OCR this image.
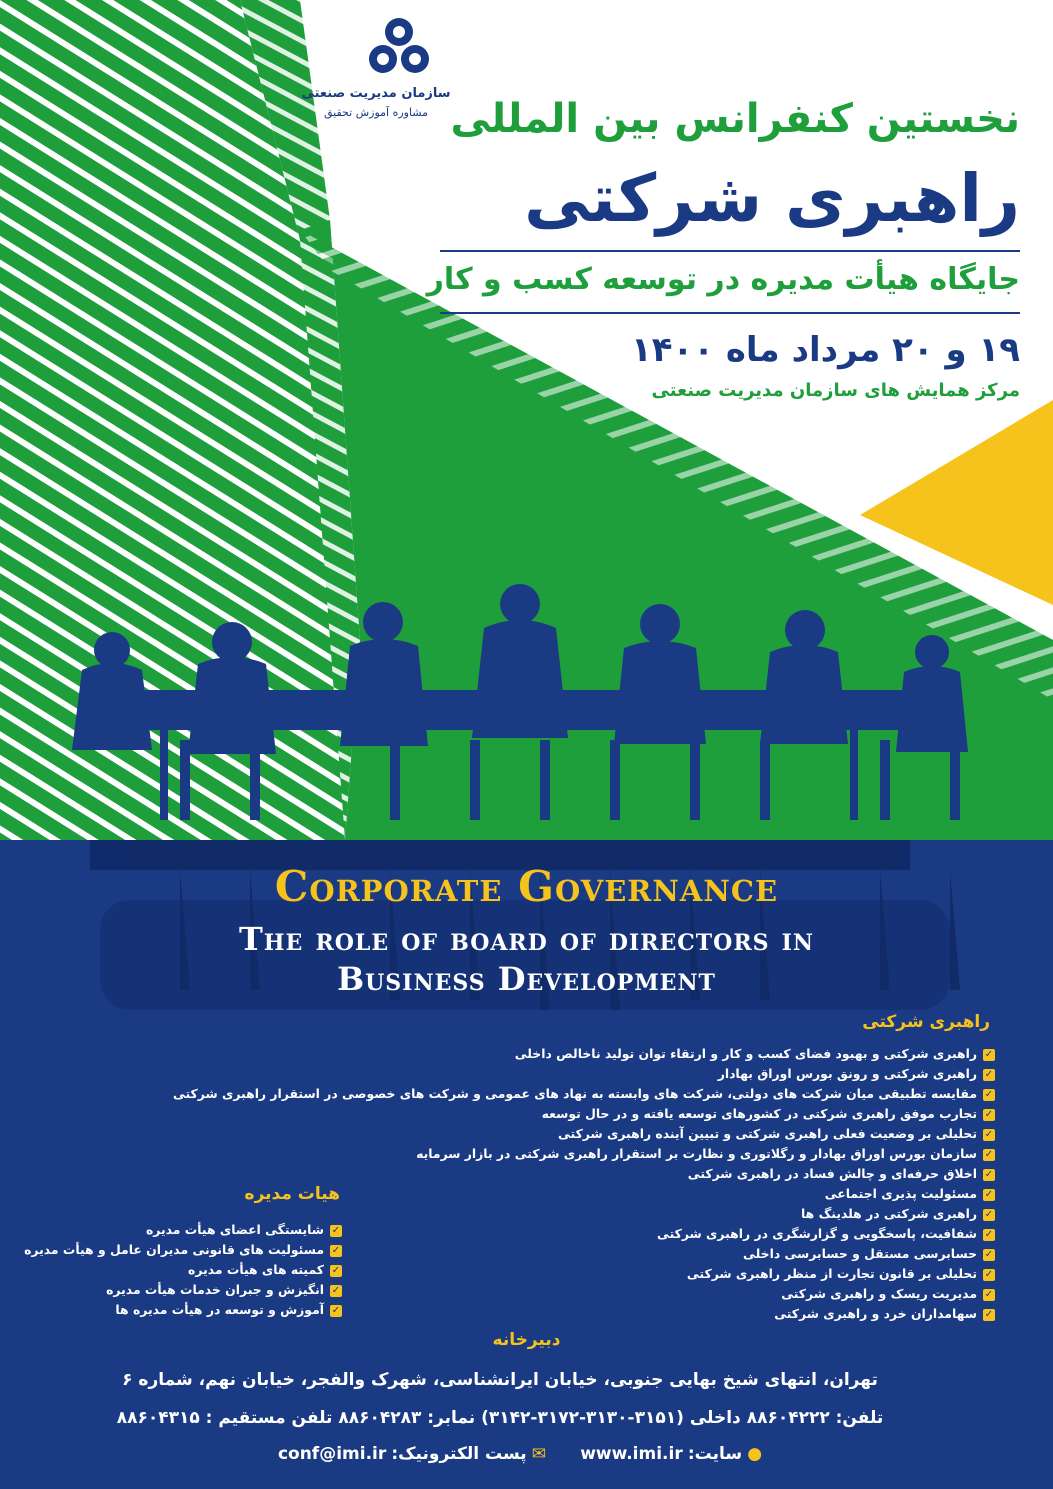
سازمان مدیریت صنعتی
مشاوره آموزش تحقیق نخستین کنفرانس بین المللی
راهبری شرکتی
جایگاه هیأت مدیره در توسعه کسب و کار
۱۹ و ۲۰ مرداد ماه ۱۴۰۰
مرکز همایش های سازمان مدیریت صنعتی
Corporate Governance
The role of board of directors in
Business Development
راهبری شرکتی
✓راهبری شرکتی و بهبود فضای کسب و کار و ارتقاء توان تولید ناخالص داخلی
✓راهبری شرکتی و رونق بورس اوراق بهادار
✓مقایسه تطبیقی میان شرکت های دولتی، شرکت های وابسته به نهاد های عمومی و شرکت های خصوصی در استقرار راهبری شرکتی
✓تجارب موفق راهبری شرکتی در کشورهای توسعه یافته و در حال توسعه
✓تحلیلی بر وضعیت فعلی راهبری شرکتی و تبیین آینده راهبری شرکتی
✓سازمان بورس اوراق بهادار و رگلاتوری و نظارت بر استقرار راهبری شرکتی در بازار سرمایه
✓اخلاق حرفه‌ای و چالش فساد در راهبری شرکتی
✓مسئولیت پذیری اجتماعی
✓راهبری شرکتی در هلدینگ ها
✓شفافیت، پاسخگویی و گزارشگری در راهبری شرکتی
✓حسابرسی مستقل و حسابرسی داخلی
✓تحلیلی بر قانون تجارت از منظر راهبری شرکتی
✓مدیریت ریسک و راهبری شرکتی
✓سهامداران خرد و راهبری شرکتی
هیات مدیره
✓شایستگی اعضای هیأت مدیره
✓مسئولیت های قانونی مدیران عامل و هیأت مدیره
✓کمیته های هیأت مدیره
✓انگیزش و جبران خدمات هیأت مدیره
✓آموزش و توسعه در هیأت مدیره ها
دبیرخانه
تهران، انتهای شیخ بهایی جنوبی، خیابان ایرانشناسی، شهرک والفجر، خیابان نهم، شماره ۶
تلفن: ۸۸۶۰۴۲۲۲ داخلی (۳۱۵۱-۳۱۳۰-۳۱۷۲-۳۱۴۲) نمابر: ۸۸۶۰۴۲۸۳ تلفن مستقیم : ۸۸۶۰۴۳۱۵
● سایت: www.imi.ir  ✉ پست الکترونیک: conf@imi.ir
